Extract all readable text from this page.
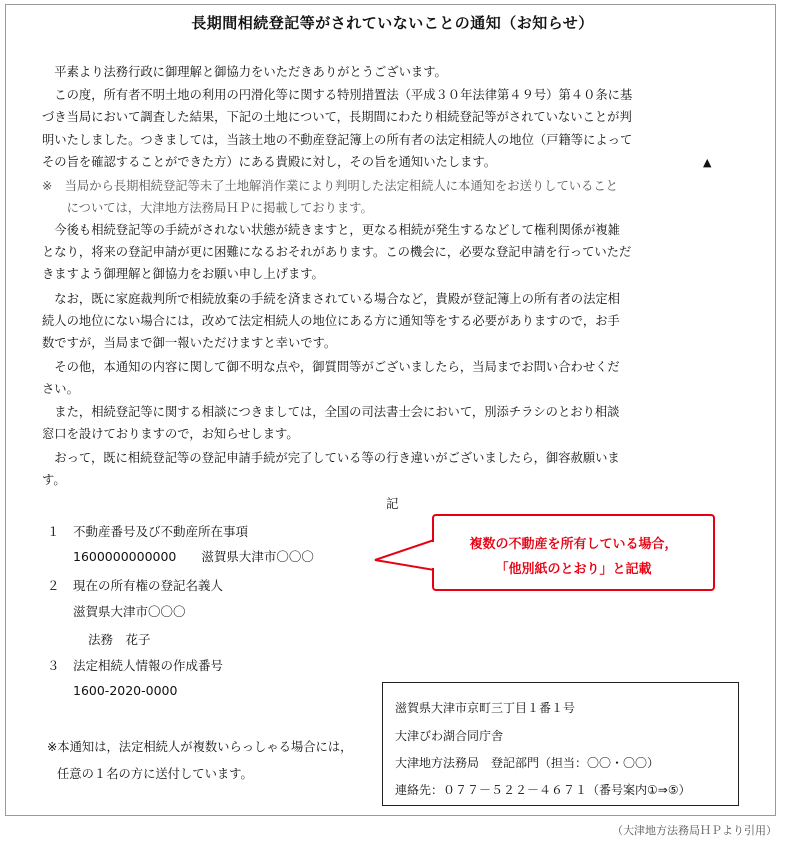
長期間相続登記等がされていないことの通知（お知らせ）

　平素より法務行政に御理解と御協力をいただきありがとうございます。

　この度，所有者不明土地の利用の円滑化等に関する特別措置法（平成３０年法律第４９号）第４０条に基

づき当局において調査した結果，下記の土地について，長期間にわたり相続登記等がされていないことが判

明いたしました。つきましては，当該土地の不動産登記簿上の所有者の法定相続人の地位（戸籍等によって

その旨を確認することができた方）にある貴殿に対し，その旨を通知いたします。	▲

※　当局から長期相続登記等未了土地解消作業により判明した法定相続人に本通知をお送りしていること

　　については，大津地方法務局ＨＰに掲載しております。

　今後も相続登記等の手続がされない状態が続きますと，更なる相続が発生するなどして権利関係が複雑

となり，将来の登記申請が更に困難になるおそれがあります。この機会に，必要な登記申請を行っていただ

きますよう御理解と御協力をお願い申し上げます。

　なお，既に家庭裁判所で相続放棄の手続を済まされている場合など，貴殿が登記簿上の所有者の法定相

続人の地位にない場合には，改めて法定相続人の地位にある方に通知等をする必要がありますので，お手

数ですが，当局まで御一報いただけますと幸いです。

　その他，本通知の内容に関して御不明な点や，御質問等がございましたら，当局までお問い合わせくだ

さい。

　また，相続登記等に関する相談につきましては，全国の司法書士会において，別添チラシのとおり相談

窓口を設けておりますので，お知らせします。

　おって，既に相続登記等の登記申請手続が完了している等の行き違いがございましたら，御容赦願いま

す。

記
１ 不動産番号及び不動産所在事項
1600000000000　　滋賀県大津市〇〇〇
２ 現在の所有権の登記名義人
滋賀県大津市〇〇〇
法務　花子
３ 法定相続人情報の作成番号
1600-2020-0000
複数の不動産を所有している場合，
「他別紙のとおり」と記載
※本通知は，法定相続人が複数いらっしゃる場合には，
任意の１名の方に送付しています。
滋賀県大津市京町三丁目１番１号
大津びわ湖合同庁舎
大津地方法務局　登記部門（担当：〇〇・〇〇）
連絡先：０７７－５２２－４６７１（番号案内①⇒⑤）
（大津地方法務局ＨＰより引用）
